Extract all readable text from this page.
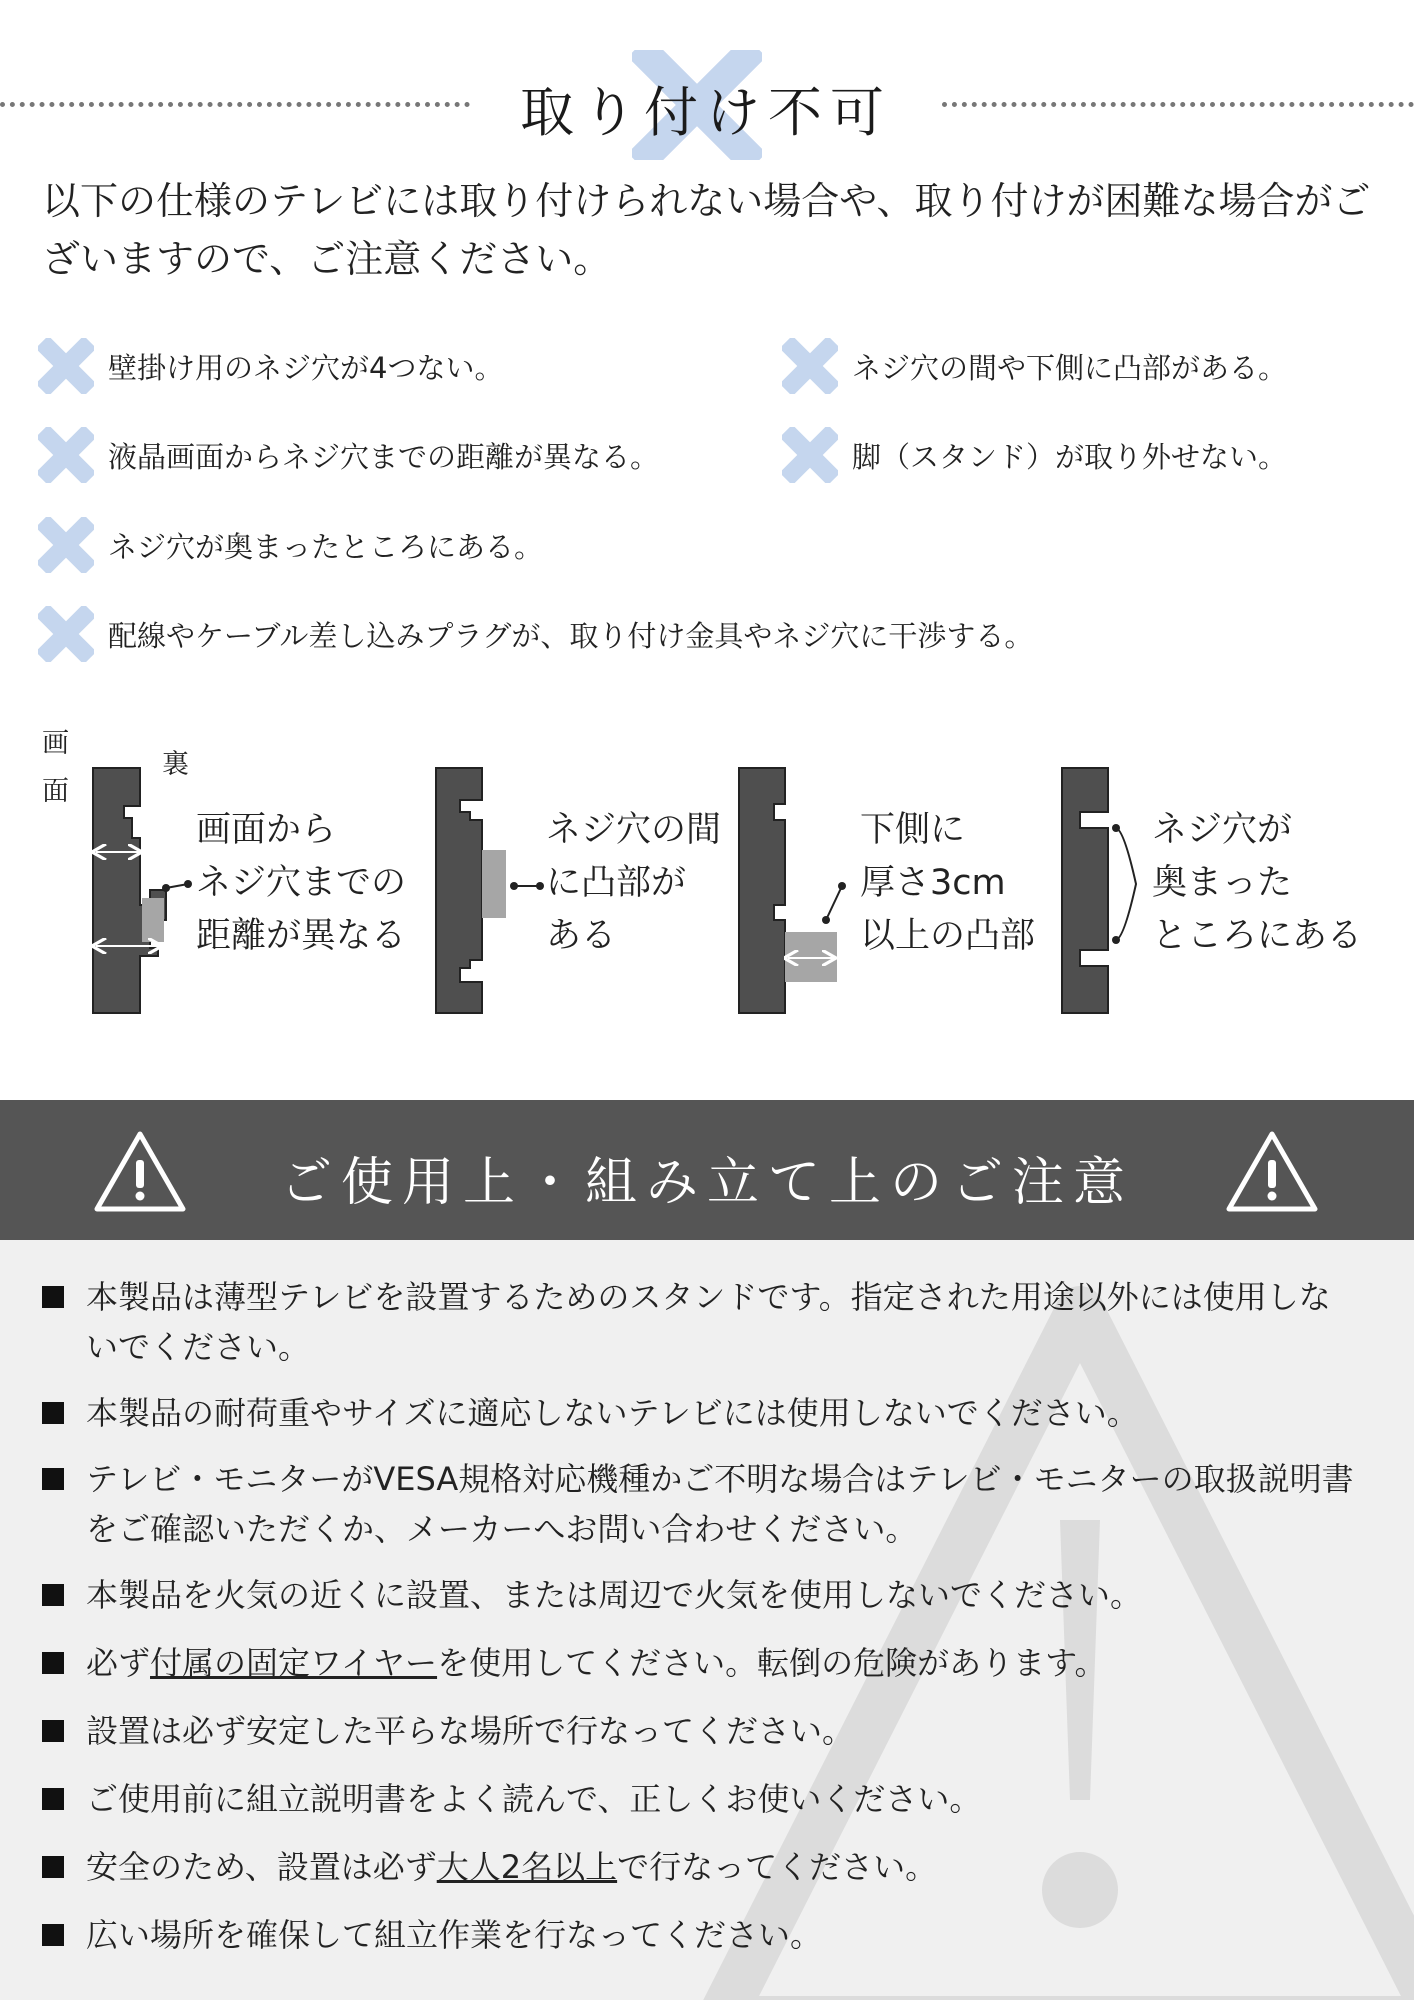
取り付け不可
以下の仕様のテレビには取り付けられない場合や、取り付けが困難な場合がございますので、ご注意ください。
壁掛け用のネジ穴が4つない。	ネジ穴の間や下側に凸部がある。
液晶画面からネジ穴までの距離が異なる。	脚（スタンド）が取り外せない。
ネジ穴が奥まったところにある。
配線やケーブル差し込みプラグが、取り付け金具やネジ穴に干渉する。
画
面
裏
画面から
ネジ穴までの
距離が異なる
ネジ穴の間
に凸部が
ある
下側に
厚さ3cm
以上の凸部
ネジ穴が
奥まった
ところにある
ご使用上・組み立て上のご注意
本製品は薄型テレビを設置するためのスタンドです。指定された用途以外には使用しないでください。
本製品の耐荷重やサイズに適応しないテレビには使用しないでください。
テレビ・モニターがVESA規格対応機種かご不明な場合はテレビ・モニターの取扱説明書をご確認いただくか、メーカーへお問い合わせください。
本製品を火気の近くに設置、または周辺で火気を使用しないでください。
必ず付属の固定ワイヤーを使用してください。転倒の危険があります。
設置は必ず安定した平らな場所で行なってください。
ご使用前に組立説明書をよく読んで、正しくお使いください。
安全のため、設置は必ず大人2名以上で行なってください。
広い場所を確保して組立作業を行なってください。
